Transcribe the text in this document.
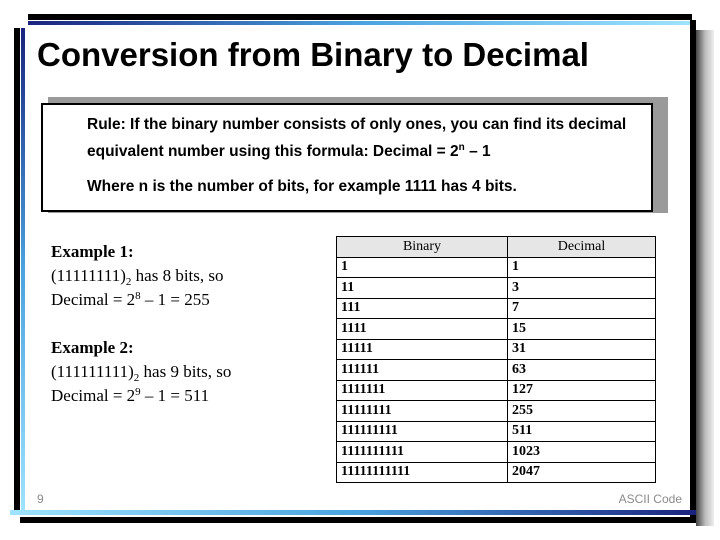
Conversion from Binary to Decimal

Rule: If the binary number consists of only ones, you can find its decimal equivalent number using this formula: Decimal = $2^n - 1$

Where n is the number of bits, for example 1111 has 4 bits.

Example 1:
$(11111111)_2$ has 8 bits, so
Decimal = $2^8 - 1 = 255$
Example 2:
$(111111111)_2$ has 9 bits, so
Decimal = $2^9 - 1 = 511$
Binary	Decimal
1	1
11	3
111	7
1111	15
11111	31
111111	63
1111111	127
11111111	255
111111111	511
1111111111	1023
11111111111	2047
9	ASCII Code
